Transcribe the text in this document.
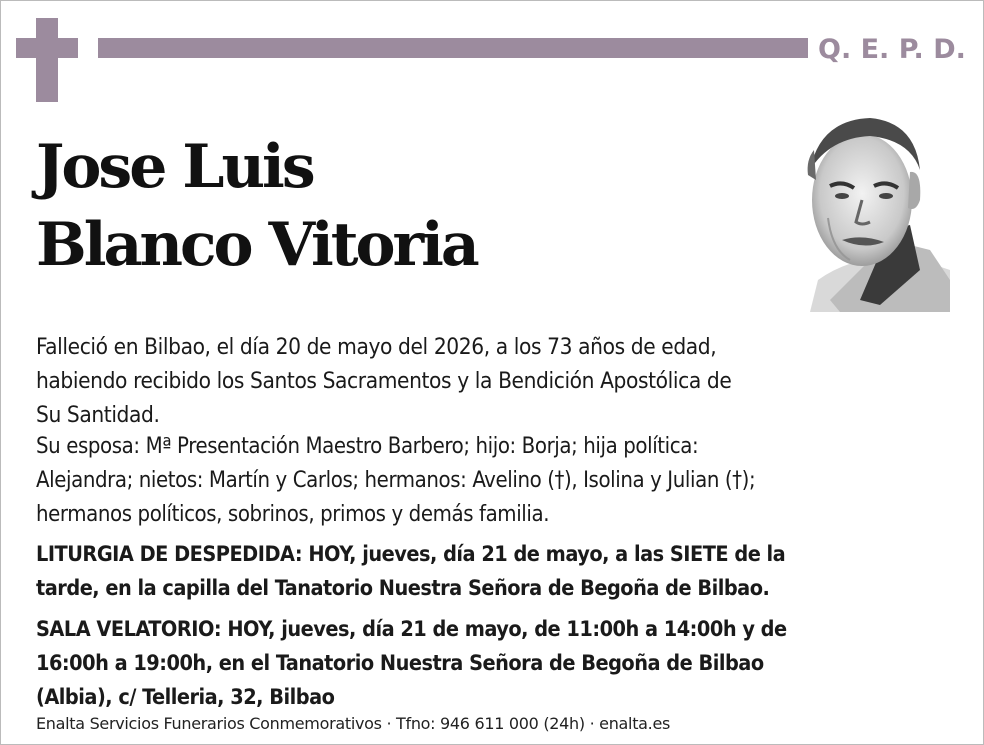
Q. E. P. D.
Jose Luis
Blanco Vitoria
Falleció en Bilbao, el día 20 de mayo del 2026, a los 73 años de edad,
habiendo recibido los Santos Sacramentos y la Bendición Apostólica de
Su Santidad.
Su esposa: Mª Presentación Maestro Barbero; hijo: Borja; hija política:
Alejandra; nietos: Martín y Carlos; hermanos: Avelino (†), Isolina y Julian (†);
hermanos políticos, sobrinos, primos y demás familia.
LITURGIA DE DESPEDIDA: HOY, jueves, día 21 de mayo, a las SIETE de la
tarde, en la capilla del Tanatorio Nuestra Señora de Begoña de Bilbao.
SALA VELATORIO: HOY, jueves, día 21 de mayo, de 11:00h a 14:00h y de
16:00h a 19:00h, en el Tanatorio Nuestra Señora de Begoña de Bilbao
(Albia), c/ Telleria, 32, Bilbao
Enalta Servicios Funerarios Conmemorativos · Tfno: 946 611 000 (24h) · enalta.es
